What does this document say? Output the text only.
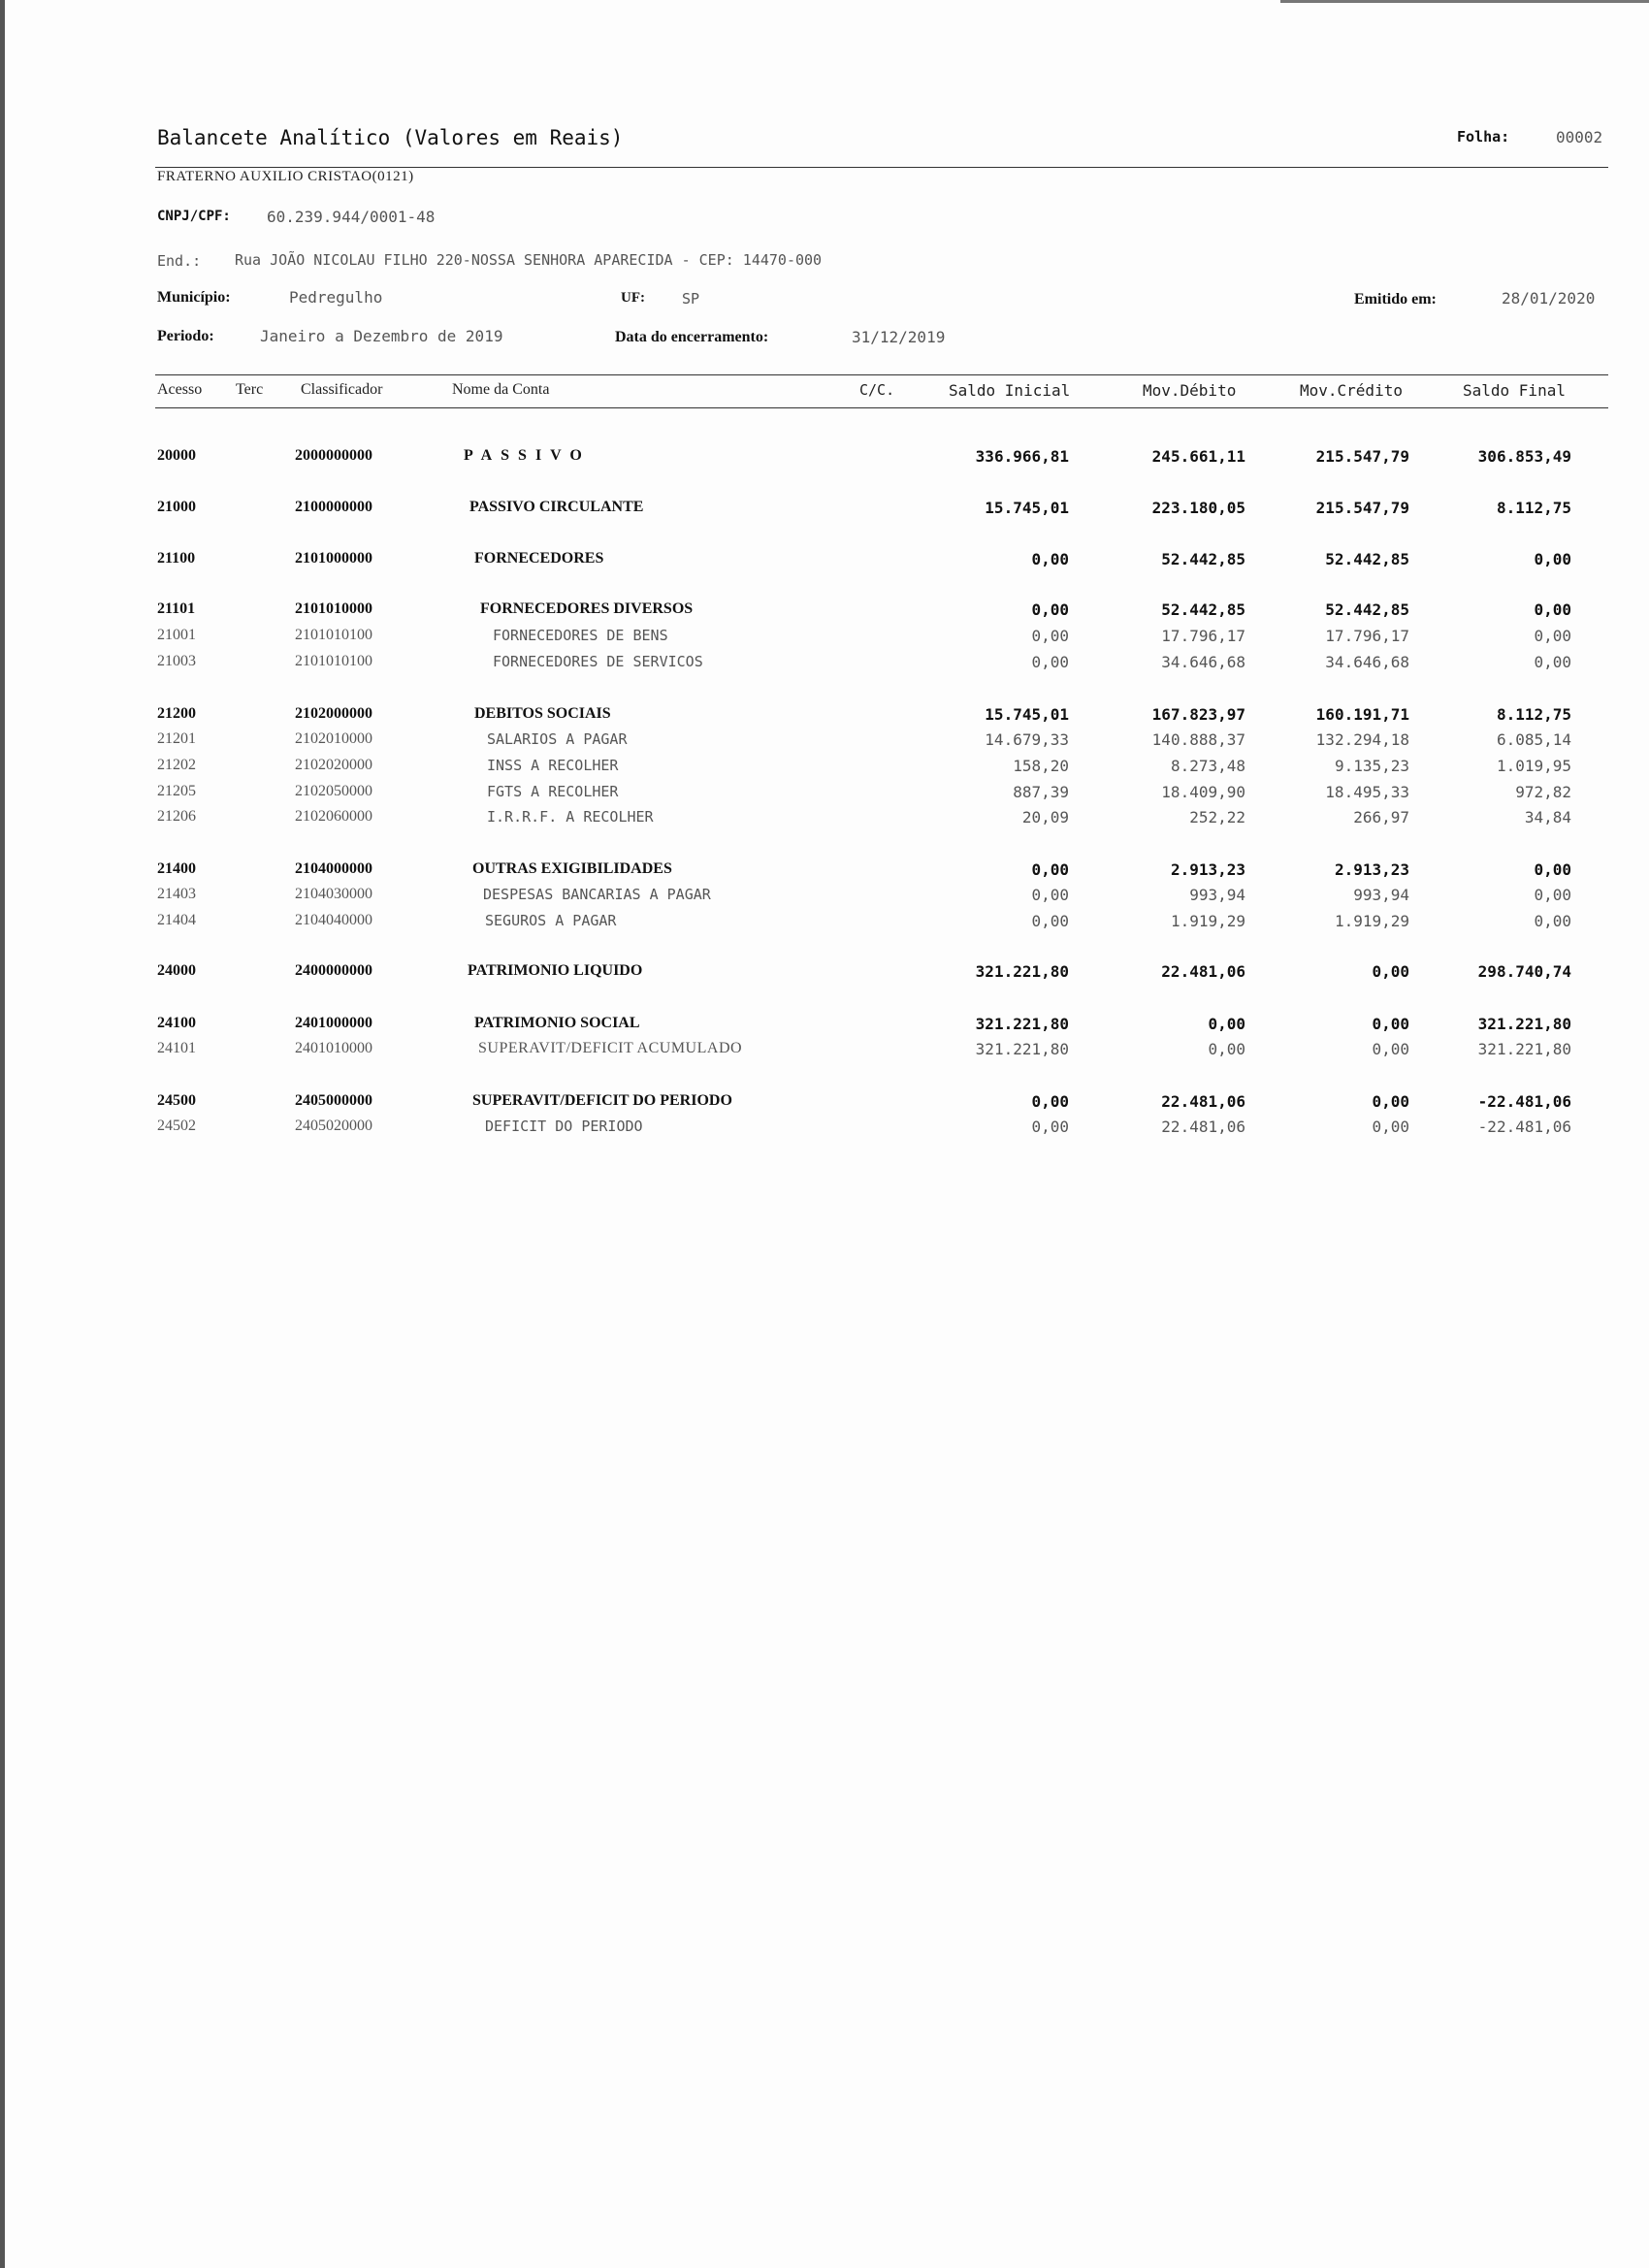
Balancete Analítico (Valores em Reais)	Folha:	00002
FRATERNO AUXILIO CRISTAO(0121)
CNPJ/CPF: 60.239.944/0001-48
End.: Rua JOÃO NICOLAU FILHO 220-NOSSA SENHORA APARECIDA - CEP: 14470-000
Município:	Pedregulho	UF:	SP	Emitido em:	28/01/2020
Periodo:	Janeiro a Dezembro de 2019	Data do encerramento:	31/12/2019
Acesso Terc Classificador	Nome da Conta	C/C.	Saldo Inicial	Mov.Débito	Mov.Crédito	Saldo Final
20000	2000000000	PASSIVO	336.966,81	245.661,11	215.547,79	306.853,49
21000	2100000000	PASSIVO CIRCULANTE	15.745,01	223.180,05	215.547,79	8.112,75
21100	2101000000	FORNECEDORES	0,00	52.442,85	52.442,85	0,00
21101	2101010000	FORNECEDORES DIVERSOS	0,00	52.442,85	52.442,85	0,00
21001	2101010100	FORNECEDORES DE BENS	0,00	17.796,17	17.796,17	0,00
21003	2101010100	FORNECEDORES DE SERVICOS	0,00	34.646,68	34.646,68	0,00
21200	2102000000	DEBITOS SOCIAIS	15.745,01	167.823,97	160.191,71	8.112,75
21201	2102010000	SALARIOS A PAGAR	14.679,33	140.888,37	132.294,18	6.085,14
21202	2102020000	INSS A RECOLHER	158,20	8.273,48	9.135,23	1.019,95
21205	2102050000	FGTS A RECOLHER	887,39	18.409,90	18.495,33	972,82
21206	2102060000	I.R.R.F. A RECOLHER	20,09	252,22	266,97	34,84
21400	2104000000	OUTRAS EXIGIBILIDADES	0,00	2.913,23	2.913,23	0,00
21403	2104030000	DESPESAS BANCARIAS A PAGAR	0,00	993,94	993,94	0,00
21404	2104040000	SEGUROS A PAGAR	0,00	1.919,29	1.919,29	0,00
24000	2400000000	PATRIMONIO LIQUIDO	321.221,80	22.481,06	0,00	298.740,74
24100	2401000000	PATRIMONIO SOCIAL	321.221,80	0,00	0,00	321.221,80
24101	2401010000	SUPERAVIT/DEFICIT ACUMULADO	321.221,80	0,00	0,00	321.221,80
24500	2405000000	SUPERAVIT/DEFICIT DO PERIODO	0,00	22.481,06	0,00	-22.481,06
24502	2405020000	DEFICIT DO PERIODO	0,00	22.481,06	0,00	-22.481,06
